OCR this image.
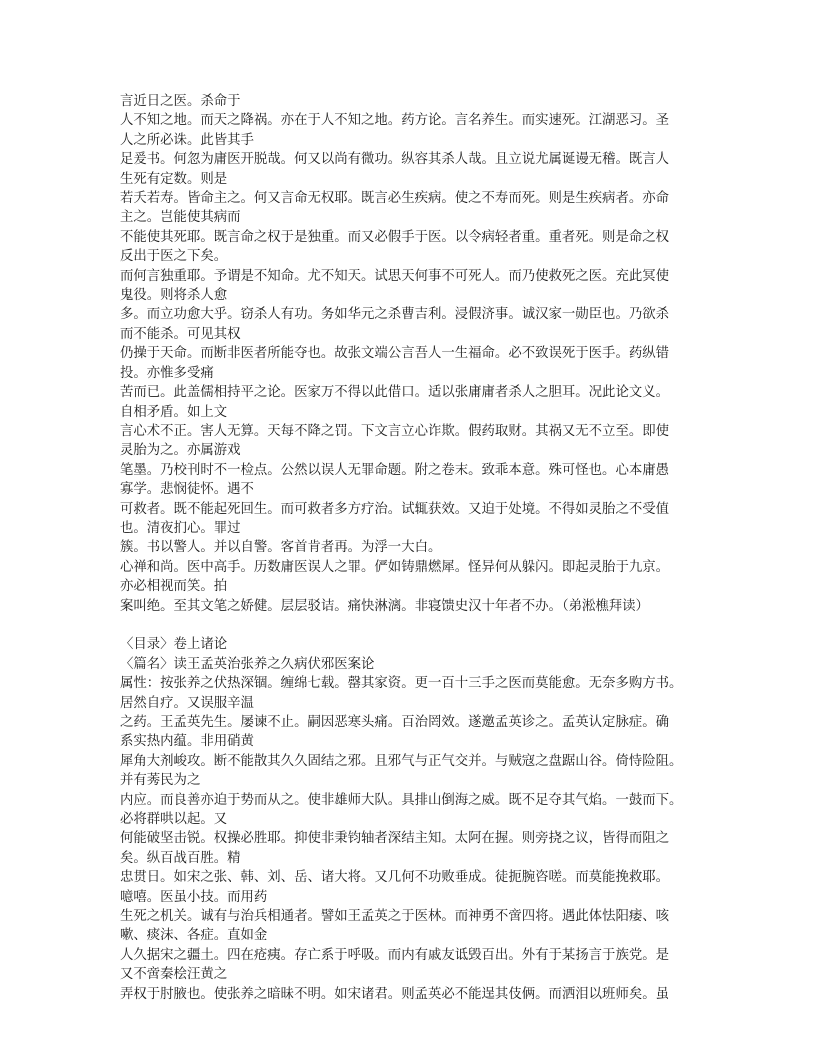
言近日之医。杀命于
人不知之地。而天之降祸。亦在于人不知之地。药方论。言名养生。而实速死。江湖恶习。圣
人之所必诛。此皆其手
足爰书。何忽为庸医开脱哉。何又以尚有微功。纵容其杀人哉。且立说尤属诞谩无稽。既言人
生死有定数。则是
若夭若寿。皆命主之。何又言命无权耶。既言必生疾病。使之不寿而死。则是生疾病者。亦命
主之。岂能使其病而
不能使其死耶。既言命之权于是独重。而又必假手于医。以令病轻者重。重者死。则是命之权
反出于医之下矣。
而何言独重耶。予谓是不知命。尤不知天。试思天何事不可死人。而乃使救死之医。充此冥使
鬼役。则将杀人愈
多。而立功愈大乎。窃杀人有功。务如华元之杀曹吉利。浸假济事。诚汉家一勋臣也。乃欲杀
而不能杀。可见其权
仍操于天命。而断非医者所能夺也。故张文端公言吾人一生福命。必不致误死于医手。药纵错
投。亦惟多受痛
苦而已。此盖儒相持平之论。医家万不得以此借口。适以张庸庸者杀人之胆耳。况此论文义。
自相矛盾。如上文
言心术不正。害人无算。天每不降之罚。下文言立心诈欺。假药取财。其祸又无不立至。即使
灵胎为之。亦属游戏
笔墨。乃校刊时不一检点。公然以误人无罪命题。附之卷末。致乖本意。殊可怪也。心本庸愚
寡学。悲悯徒怀。遇不
可救者。既不能起死回生。而可救者多方疗治。试辄获效。又迫于处境。不得如灵胎之不受值
也。清夜扪心。罪过
簇。书以警人。并以自警。客首肯者再。为浮一大白。
心禅和尚。医中高手。历数庸医误人之罪。俨如铸鼎燃犀。怪异何从躲闪。即起灵胎于九京。
亦必相视而笑。拍
案叫绝。至其文笔之娇健。层层驳诘。痛快淋漓。非寝馈史汉十年者不办。（弟淞樵拜读）
〈目录〉卷上诸论
〈篇名〉读王孟英治张养之久病伏邪医案论
属性：按张养之伏热深锢。缠绵七载。罄其家资。更一百十三手之医而莫能愈。无奈多购方书。
居然自疗。又误服辛温
之药。王孟英先生。屡谏不止。嗣因恶寒头痛。百治罔效。遂邀孟英诊之。孟英认定脉症。确
系实热内蕴。非用硝黄
犀角大剂峻攻。断不能散其久久固结之邪。且邪气与正气交并。与贼寇之盘踞山谷。倚恃险阻。
并有莠民为之
内应。而良善亦迫于势而从之。使非雄师大队。具排山倒海之威。既不足夺其气焰。一鼓而下。
必将群哄以起。又
何能破坚击锐。权操必胜耶。抑使非秉钧轴者深结主知。太阿在握。则旁挠之议，皆得而阻之
矣。纵百战百胜。精
忠贯日。如宋之张、韩、刘、岳、诸大将。又几何不功败垂成。徒扼腕咨嗟。而莫能挽救耶。
噫嘻。医虽小技。而用药
生死之机关。诚有与治兵相通者。譬如王孟英之于医林。而神勇不啻四将。遇此体怯阳痿、咳
嗽、痰沫、各症。直如金
人久据宋之疆土。四在疮痍。存亡系于呼吸。而内有戚友诋毁百出。外有于某扬言于族党。是
又不啻秦桧汪黄之
弄权于肘腋也。使张养之暗昧不明。如宋诸君。则孟英必不能逞其伎俩。而洒泪以班师矣。虽
